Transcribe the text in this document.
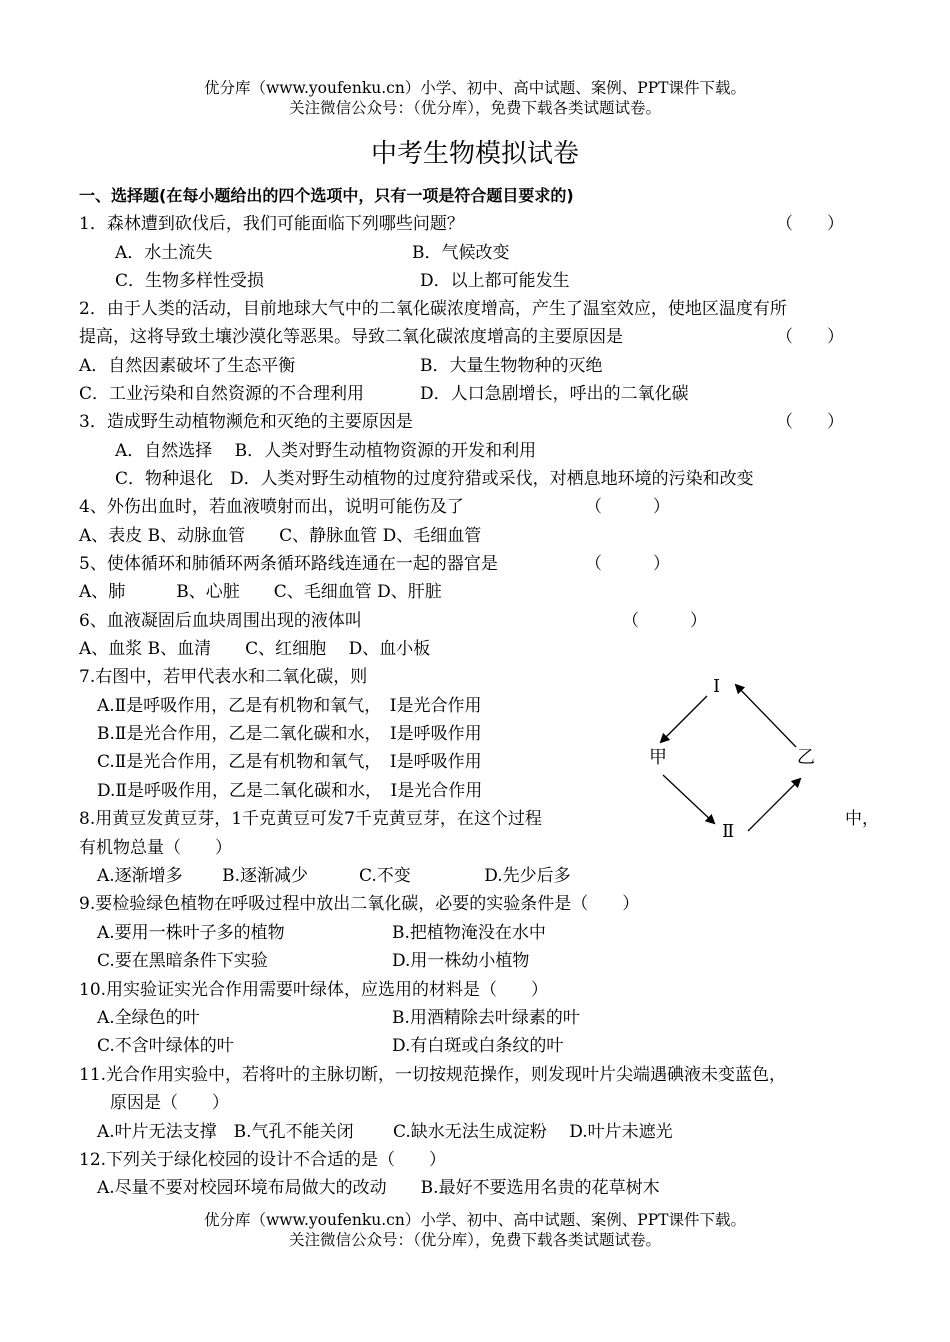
优分库（www.youfenku.cn）小学、初中、高中试题、案例、PPT课件下载。
关注微信公众号：（优分库），免费下载各类试题试卷。
中考生物模拟试卷
一、选择题(在每小题给出的四个选项中，只有一项是符合题目要求的)
1．森林遭到砍伐后，我们可能面临下列哪些问题？	（　　）
A．水土流失	B．气候改变
C．生物多样性受损	D．以上都可能发生
2．由于人类的活动，目前地球大气中的二氧化碳浓度增高，产生了温室效应，使地区温度有所
提高，这将导致土壤沙漠化等恶果。导致二氧化碳浓度增高的主要原因是	（　　）
A．自然因素破坏了生态平衡	B．大量生物物种的灭绝
C．工业污染和自然资源的不合理利用	D．人口急剧增长，呼出的二氧化碳
3．造成野生动植物濒危和灭绝的主要原因是	（　　）
A．自然选择　 B．人类对野生动植物资源的开发和利用
C．物种退化　D．人类对野生动植物的过度狩猎或采伐，对栖息地环境的污染和改变
4、外伤出血时，若血液喷射而出，说明可能伤及了	（　　　）
A、表皮 B、动脉血管　　C、静脉血管 D、毛细血管
5、使体循环和肺循环两条循环路线连通在一起的器官是	（　　　）
A、肺　　　B、心脏　　C、毛细血管 D、肝脏
6、血液凝固后血块周围出现的液体叫	（　　　）
A、血浆 B、血清　　C、红细胞　 D、血小板
7.右图中，若甲代表水和二氧化碳，则
A.Ⅱ是呼吸作用，乙是有机物和氧气，　Ⅰ是光合作用
B.Ⅱ是光合作用，乙是二氧化碳和水，　Ⅰ是呼吸作用
C.Ⅱ是光合作用，乙是有机物和氧气，　Ⅰ是呼吸作用
D.Ⅱ是呼吸作用，乙是二氧化碳和水，　Ⅰ是光合作用
Ⅰ
甲	乙
Ⅱ
8.用黄豆发黄豆芽，1千克黄豆可发7千克黄豆芽，在这个过程	中，
有机物总量（　　）
A.逐渐增多　　 B.逐渐减少　　　C.不变　　　　 D.先少后多
9.要检验绿色植物在呼吸过程中放出二氧化碳，必要的实验条件是（　　）
A.要用一株叶子多的植物	B.把植物淹没在水中
C.要在黑暗条件下实验	D.用一株幼小植物
10.用实验证实光合作用需要叶绿体，应选用的材料是（　　）
A.全绿色的叶	B.用酒精除去叶绿素的叶
C.不含叶绿体的叶	D.有白斑或白条纹的叶
11.光合作用实验中，若将叶的主脉切断，一切按规范操作，则发现叶片尖端遇碘液未变蓝色，
原因是（　　）
A.叶片无法支撑　B.气孔不能关闭　　 C.缺水无法生成淀粉　 D.叶片未遮光
12.下列关于绿化校园的设计不合适的是（　　）
A.尽量不要对校园环境布局做大的改动　　B.最好不要选用名贵的花草树木
优分库（www.youfenku.cn）小学、初中、高中试题、案例、PPT课件下载。
关注微信公众号：（优分库），免费下载各类试题试卷。
